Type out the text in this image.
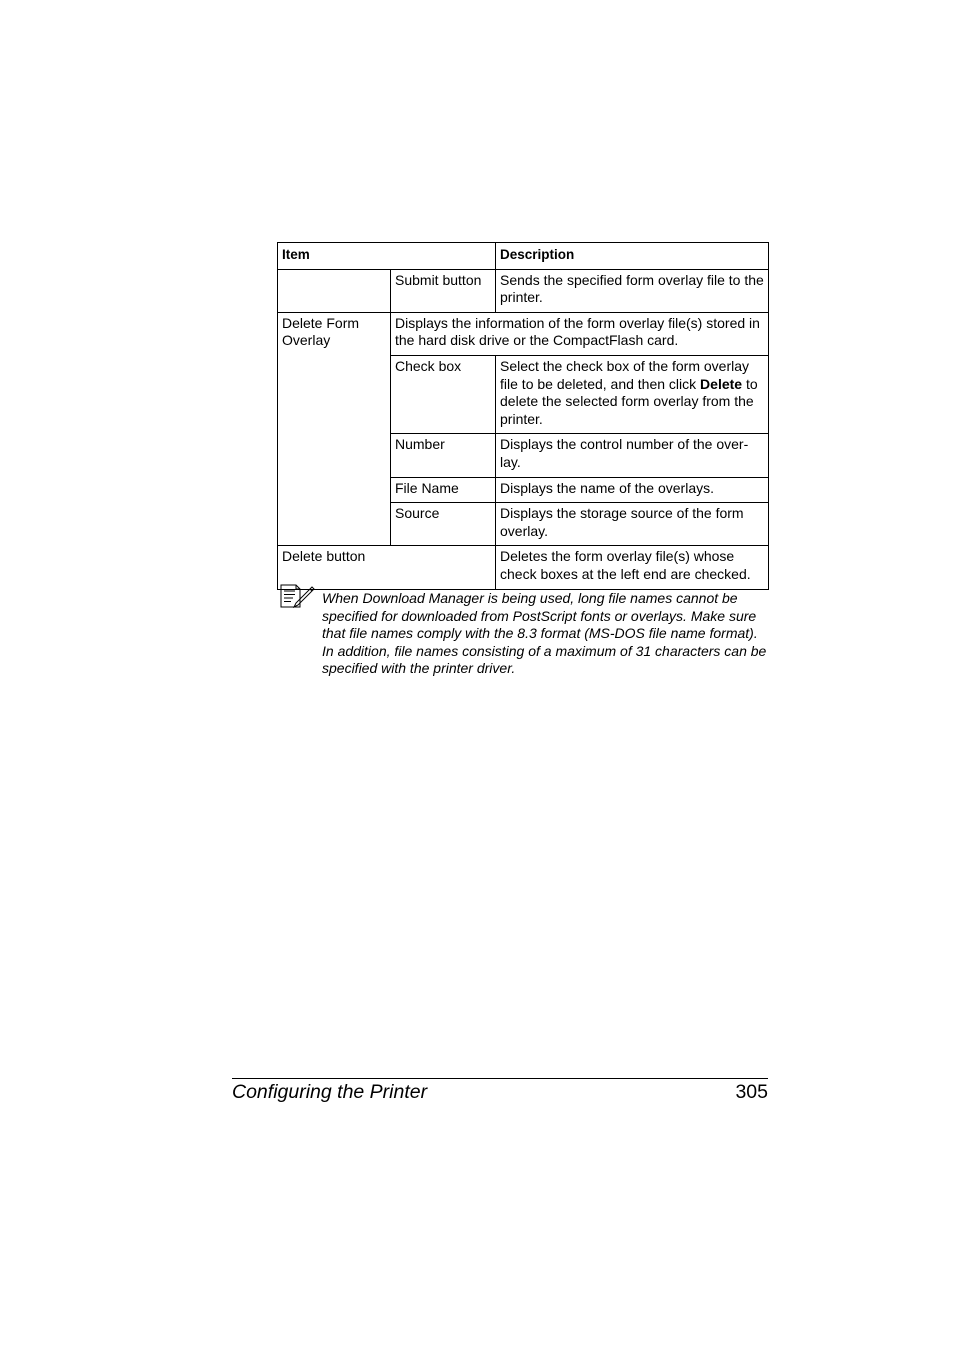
Item		Description
	Submit button	Sends the specified form overlay file to the printer.
Delete Form Overlay	Displays the information of the form overlay file(s) stored in the hard disk drive or the CompactFlash card.	
	Check box	Select the check box of the form overlay file to be deleted, and then click Delete to delete the selected form overlay from the printer.
	Number	Displays the control number of the over-lay.
	File Name	Displays the name of the overlays.
	Source	Displays the storage source of the form overlay.
Delete button		Deletes the form overlay file(s) whose check boxes at the left end are checked.
When Download Manager is being used, long file names cannot be specified for downloaded from PostScript fonts or overlays. Make sure that file names comply with the 8.3 format (MS-DOS file name format). In addition, file names consisting of a maximum of 31 characters can be specified with the printer driver.
Configuring the Printer	305
